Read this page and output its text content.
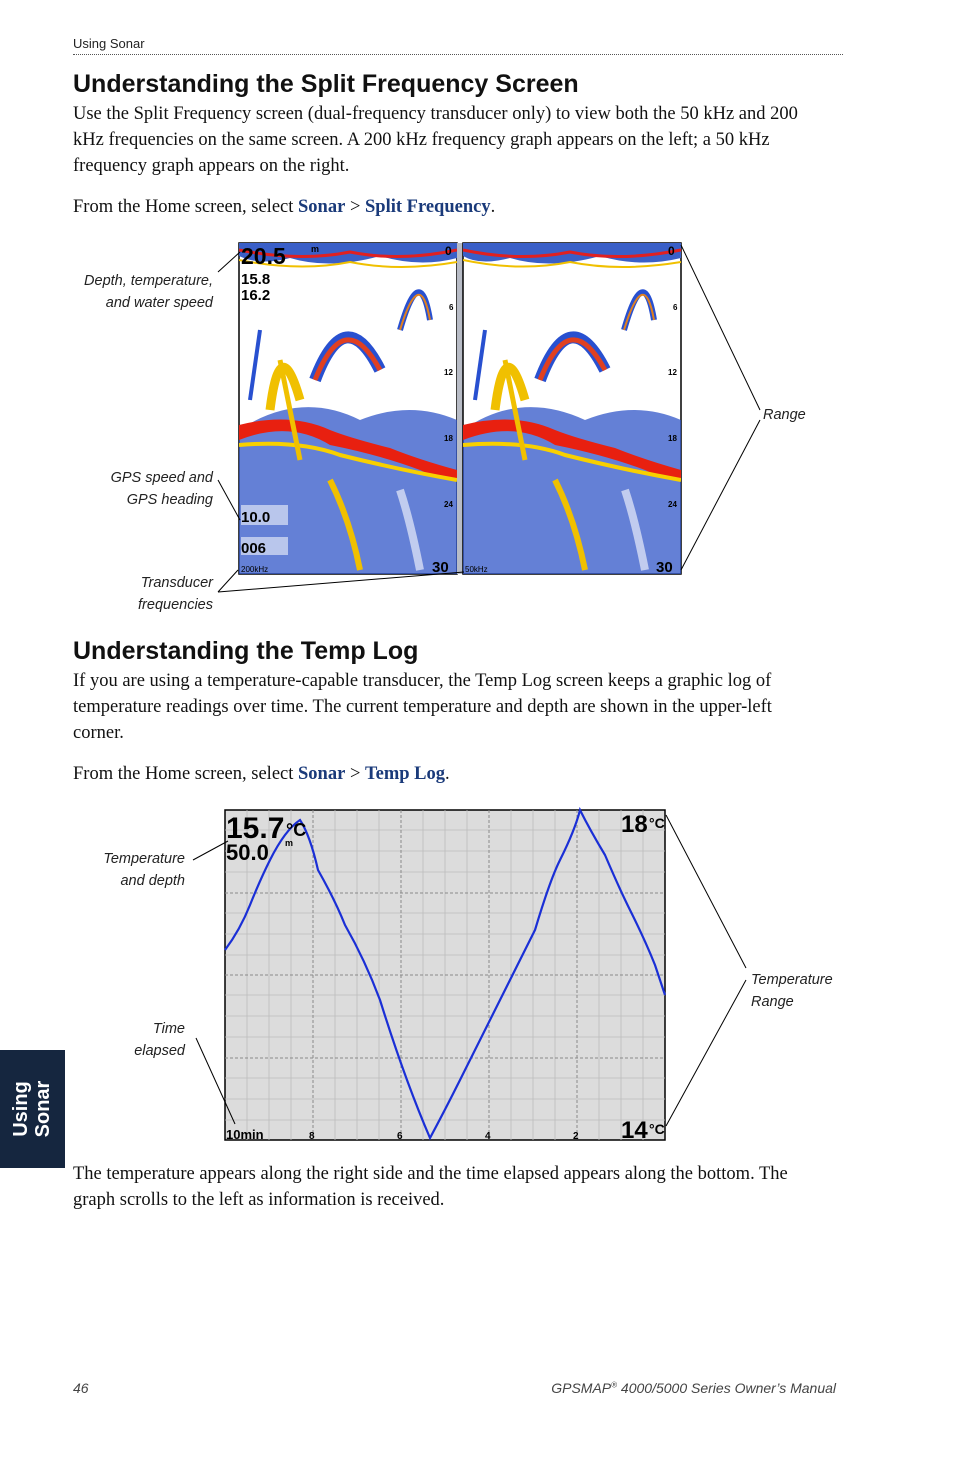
Using Sonar
Understanding the Split Frequency Screen
Use the Split Frequency screen (dual-frequency transducer only) to view both the 50 kHz and 200
kHz frequencies on the same screen. A 200 kHz frequency graph appears on the left; a 50 kHz
frequency graph appears on the right.
From the Home screen, select Sonar > Split Frequency.
20.5	m
15.8
16.2
10.0
006
200kHz
0
6
12
18
24
30 50kHz
0
6
12
18
24
30
Depth, temperature,
and water speed
GPS speed and
GPS heading
Transducer
frequencies
Range
Understanding the Temp Log
If you are using a temperature-capable transducer, the Temp Log screen keeps a graphic log of
temperature readings over time. The current temperature and depth are shown in the upper-left
corner.
From the Home screen, select Sonar > Temp Log.
15.7 °C
50.0 m
18 °C
14 °C
10min	8	6	4	2
Temperature
and depth
Time
elapsed
Temperature
Range
The temperature appears along the right side and the time elapsed appears along the bottom. The
graph scrolls to the left as information is received.
Using Sonar
46	GPSMAP® 4000/5000 Series Owner’s Manual
